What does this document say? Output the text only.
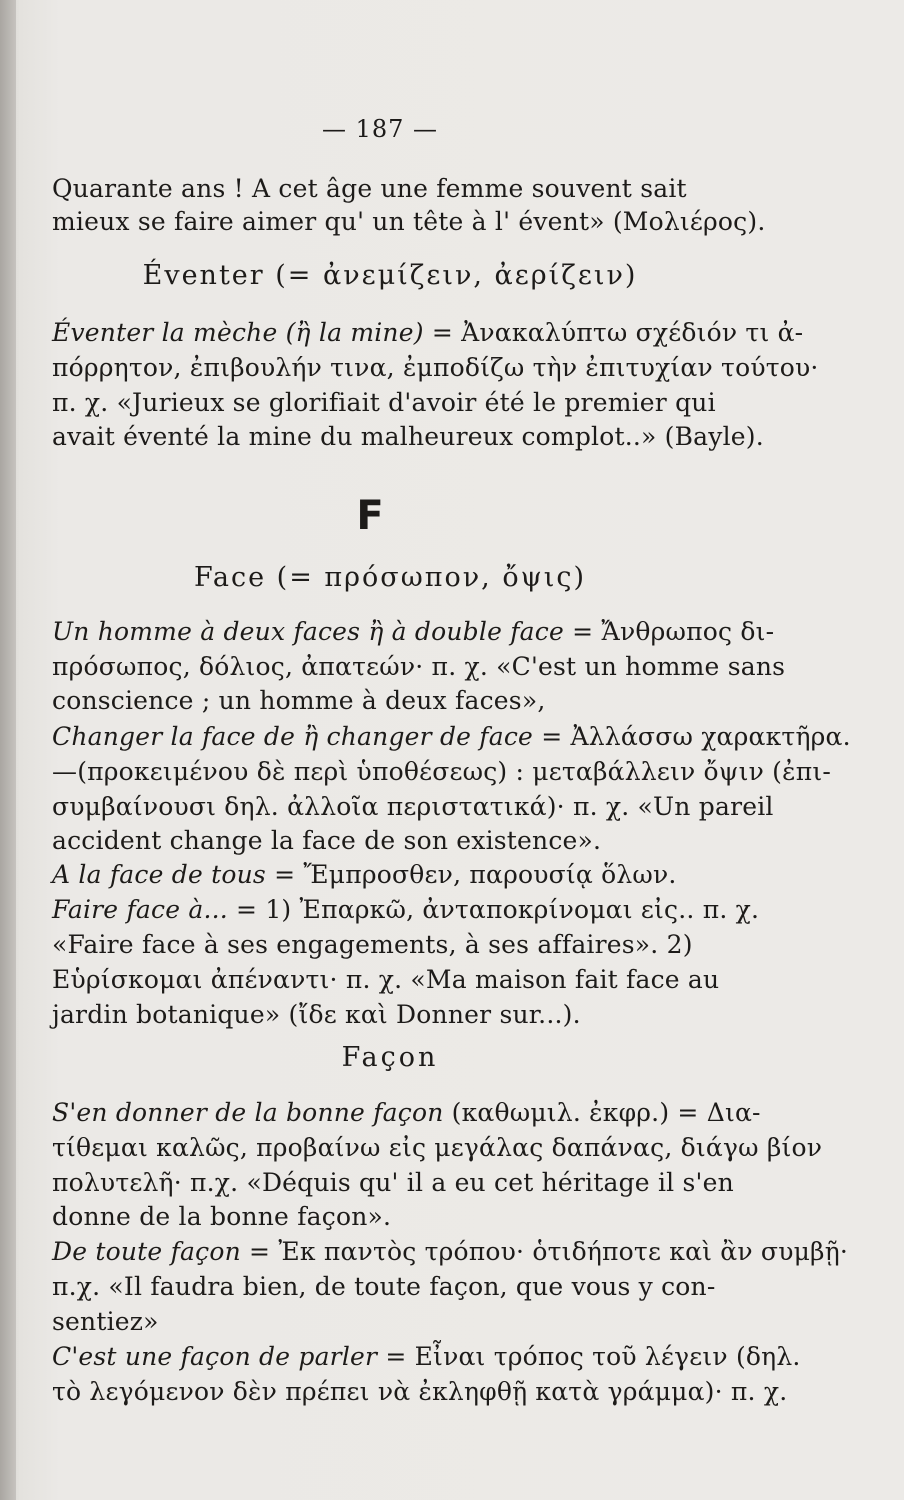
— 187 —
Quarante ans ! A cet âge une femme souvent sait
mieux se faire aimer qu' un tête à l' évent» (Μολιέρος).
Éventer (= ἀνεμίζειν, ἀερίζειν)
Éventer la mèche (ἢ la mine) = Ἀνακαλύπτω σχέδιόν τι ἀ-
πόρρητον, ἐπιβουλήν τινα, ἐμποδίζω τὴν ἐπιτυχίαν τούτου·
π. χ. «Jurieux se glorifiait d'avoir été le premier qui
avait éventé la mine du malheureux complot..» (Bayle).
F
Face (= πρόσωπον, ὄψις)
Un homme à deux faces ἢ à double face = Ἄνθρωπος δι-
πρόσωπος, δόλιος, ἀπατεών· π. χ. «C'est un homme sans
conscience ; un homme à deux faces»,
Changer la face de ἢ changer de face = Ἀλλάσσω χαρακτῆρα.
—(προκειμένου δὲ περὶ ὑποθέσεως) : μεταβάλλειν ὄψιν (ἐπι-
συμβαίνουσι δηλ. ἀλλοῖα περιστατικά)· π. χ. «Un pareil
accident change la face de son existence».
A la face de tous = Ἔμπροσθεν, παρουσίᾳ ὅλων.
Faire face à... = 1) Ἐπαρκῶ, ἀνταποκρίνομαι εἰς.. π. χ.
«Faire face à ses engagements, à ses affaires». 2)
Εὑρίσκομαι ἀπέναντι· π. χ. «Ma maison fait face au
jardin botanique» (ἴδε καὶ Donner sur...).
Façon
S'en donner de la bonne façon (καθωμιλ. ἐκφρ.) = Δια-
τίθεμαι καλῶς, προβαίνω εἰς μεγάλας δαπάνας, διάγω βίον
πολυτελῆ· π.χ. «Déquis qu' il a eu cet héritage il s'en
donne de la bonne façon».
De toute façon = Ἐκ παντὸς τρόπου· ὁτιδήποτε καὶ ἂν συμβῇ·
π.χ. «Il faudra bien, de toute façon, que vous y con-
sentiez»
C'est une façon de parler = Εἶναι τρόπος τοῦ λέγειν (δηλ.
τὸ λεγόμενον δὲν πρέπει νὰ ἐκληφθῇ κατὰ γράμμα)· π. χ.
